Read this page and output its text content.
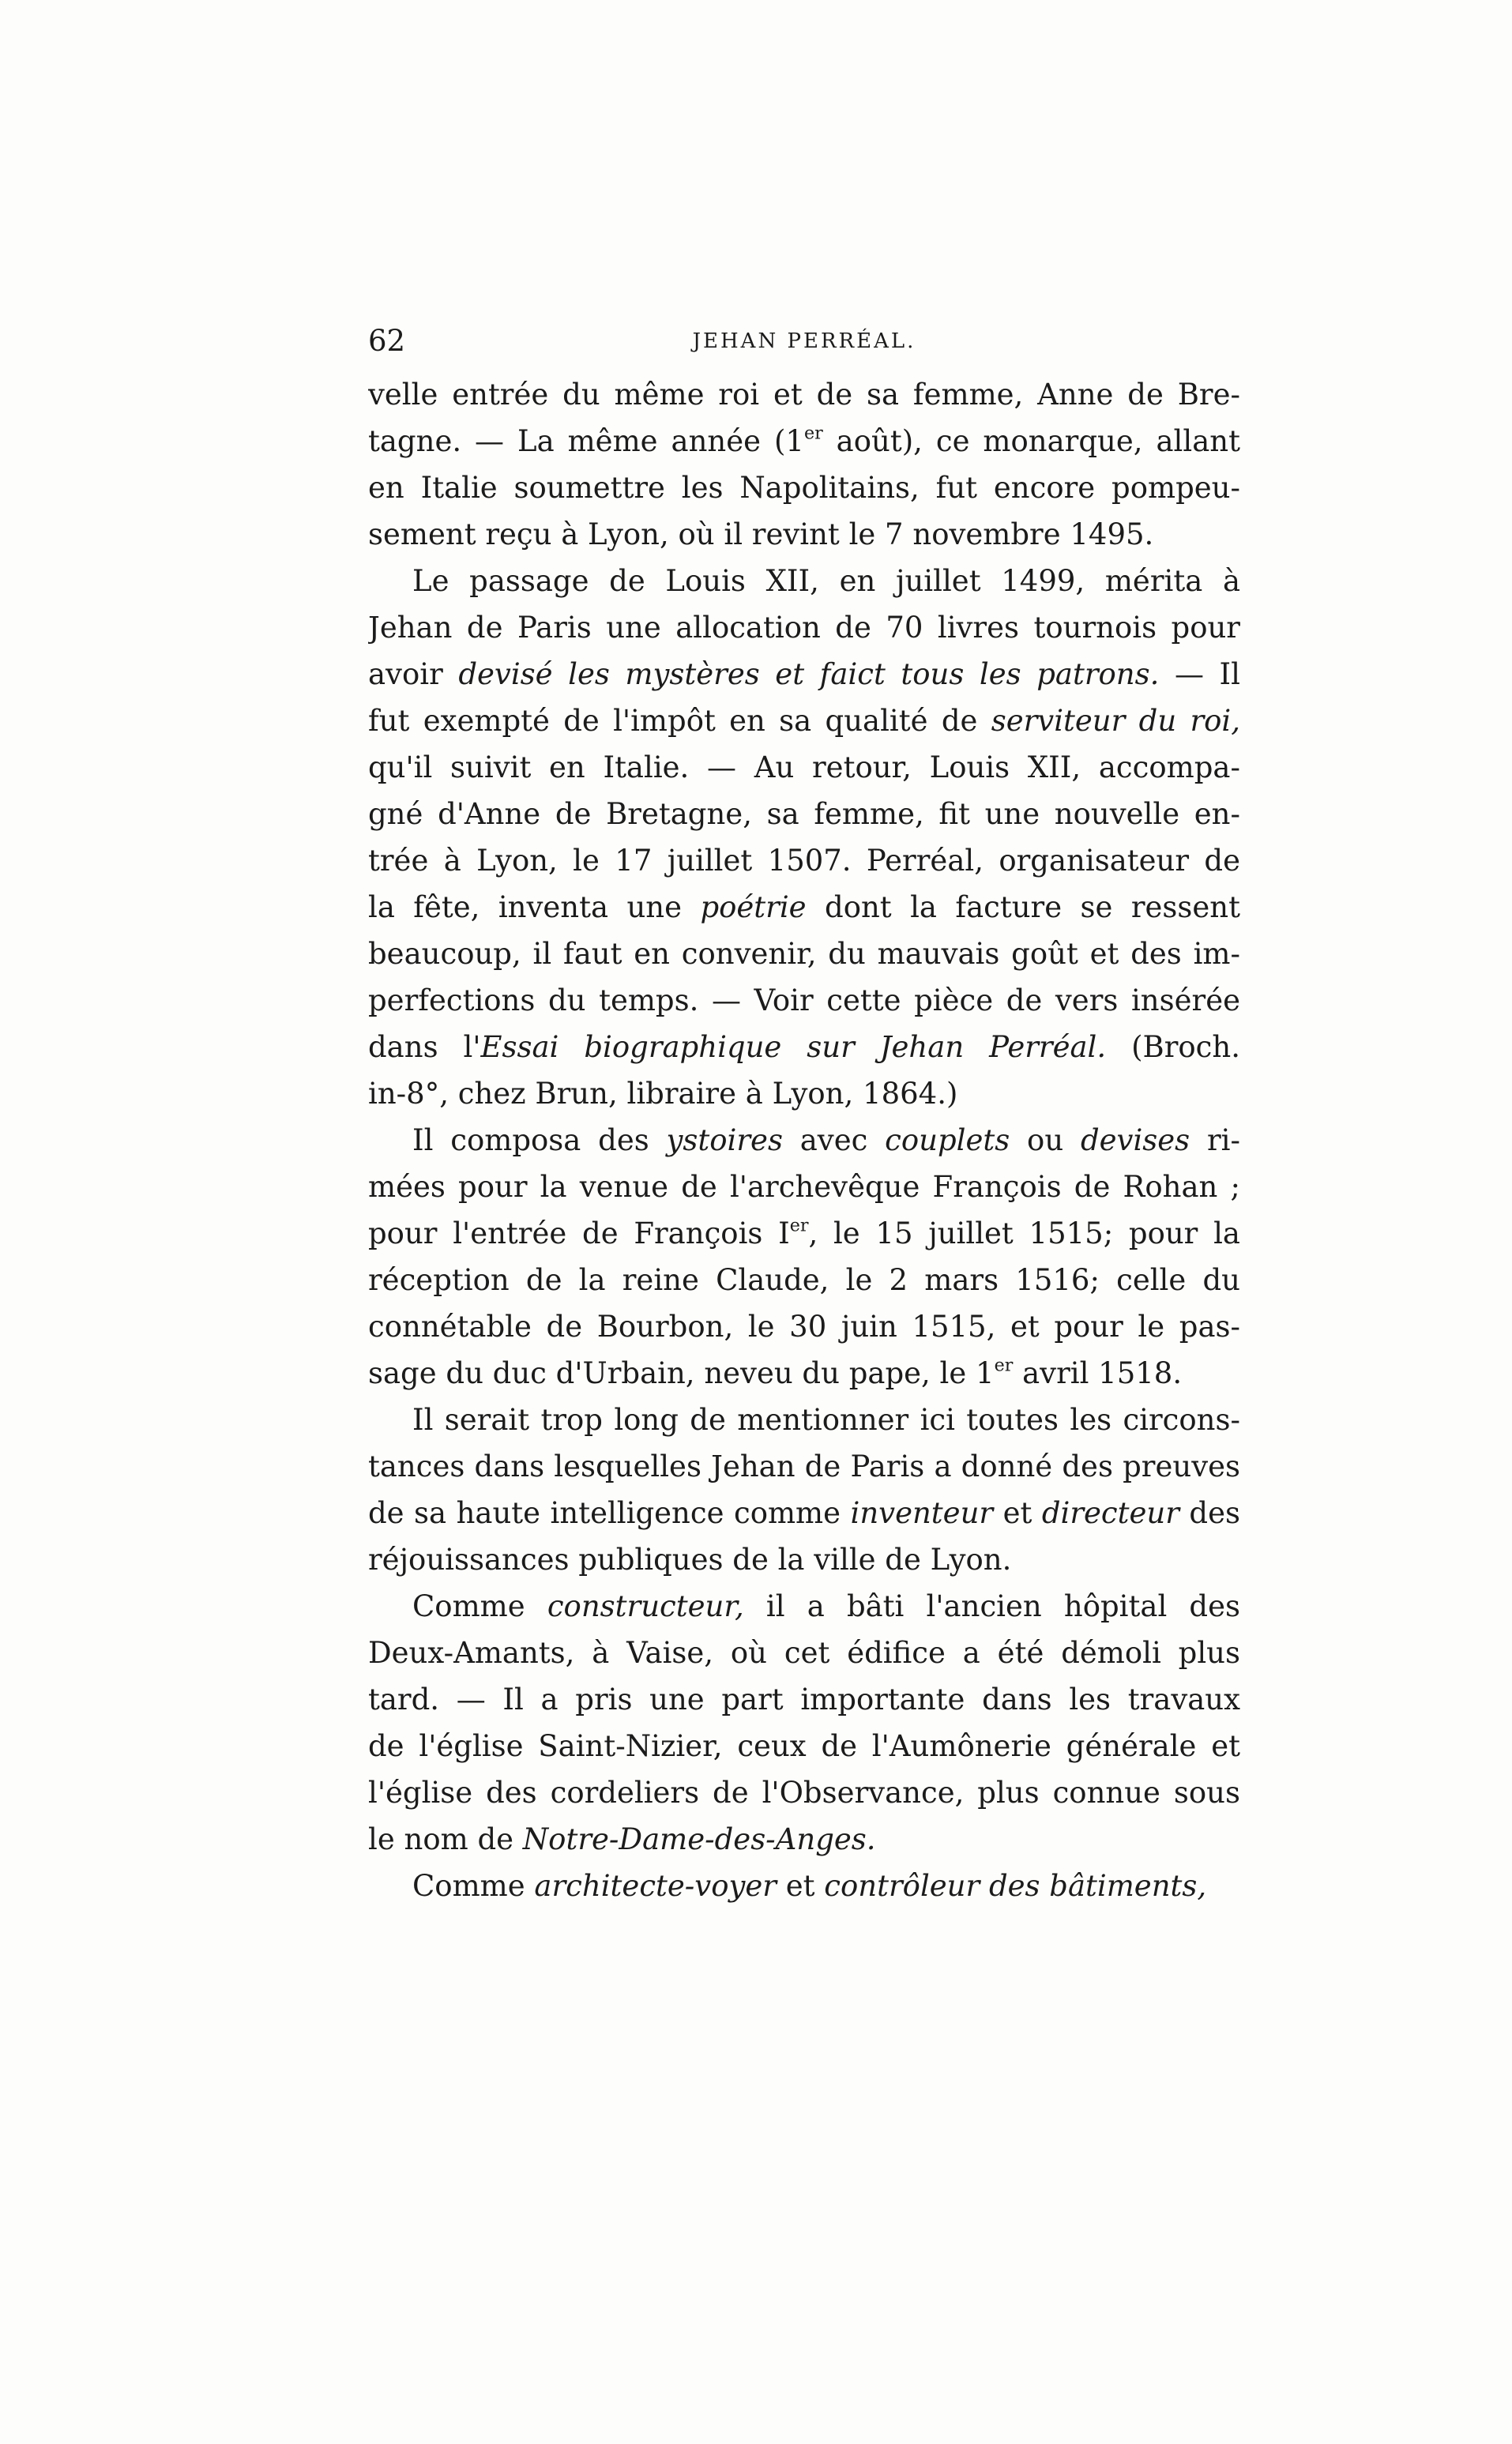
62	JEHAN PERRÉAL.
velle entrée du même roi et de sa femme, Anne de Bre-
tagne. — La même année (1er août), ce monarque, allant
en Italie soumettre les Napolitains, fut encore pompeu-
sement reçu à Lyon, où il revint le 7 novembre 1495.
Le passage de Louis XII, en juillet 1499, mérita à
Jehan de Paris une allocation de 70 livres tournois pour
avoir devisé les mystères et faict tous les patrons. — Il
fut exempté de l'impôt en sa qualité de serviteur du roi,
qu'il suivit en Italie. — Au retour, Louis XII, accompa-
gné d'Anne de Bretagne, sa femme, fit une nouvelle en-
trée à Lyon, le 17 juillet 1507. Perréal, organisateur de
la fête, inventa une poétrie dont la facture se ressent
beaucoup, il faut en convenir, du mauvais goût et des im-
perfections du temps. — Voir cette pièce de vers insérée
dans l'Essai biographique sur Jehan Perréal. (Broch.
in-8°, chez Brun, libraire à Lyon, 1864.)
Il composa des ystoires avec couplets ou devises ri-
mées pour la venue de l'archevêque François de Rohan ;
pour l'entrée de François Ier, le 15 juillet 1515; pour la
réception de la reine Claude, le 2 mars 1516; celle du
connétable de Bourbon, le 30 juin 1515, et pour le pas-
sage du duc d'Urbain, neveu du pape, le 1er avril 1518.
Il serait trop long de mentionner ici toutes les circons-
tances dans lesquelles Jehan de Paris a donné des preuves
de sa haute intelligence comme inventeur et directeur des
réjouissances publiques de la ville de Lyon.
Comme constructeur, il a bâti l'ancien hôpital des
Deux-Amants, à Vaise, où cet édifice a été démoli plus
tard. — Il a pris une part importante dans les travaux
de l'église Saint-Nizier, ceux de l'Aumônerie générale et
l'église des cordeliers de l'Observance, plus connue sous
le nom de Notre-Dame-des-Anges.
Comme architecte-voyer et contrôleur des bâtiments,
